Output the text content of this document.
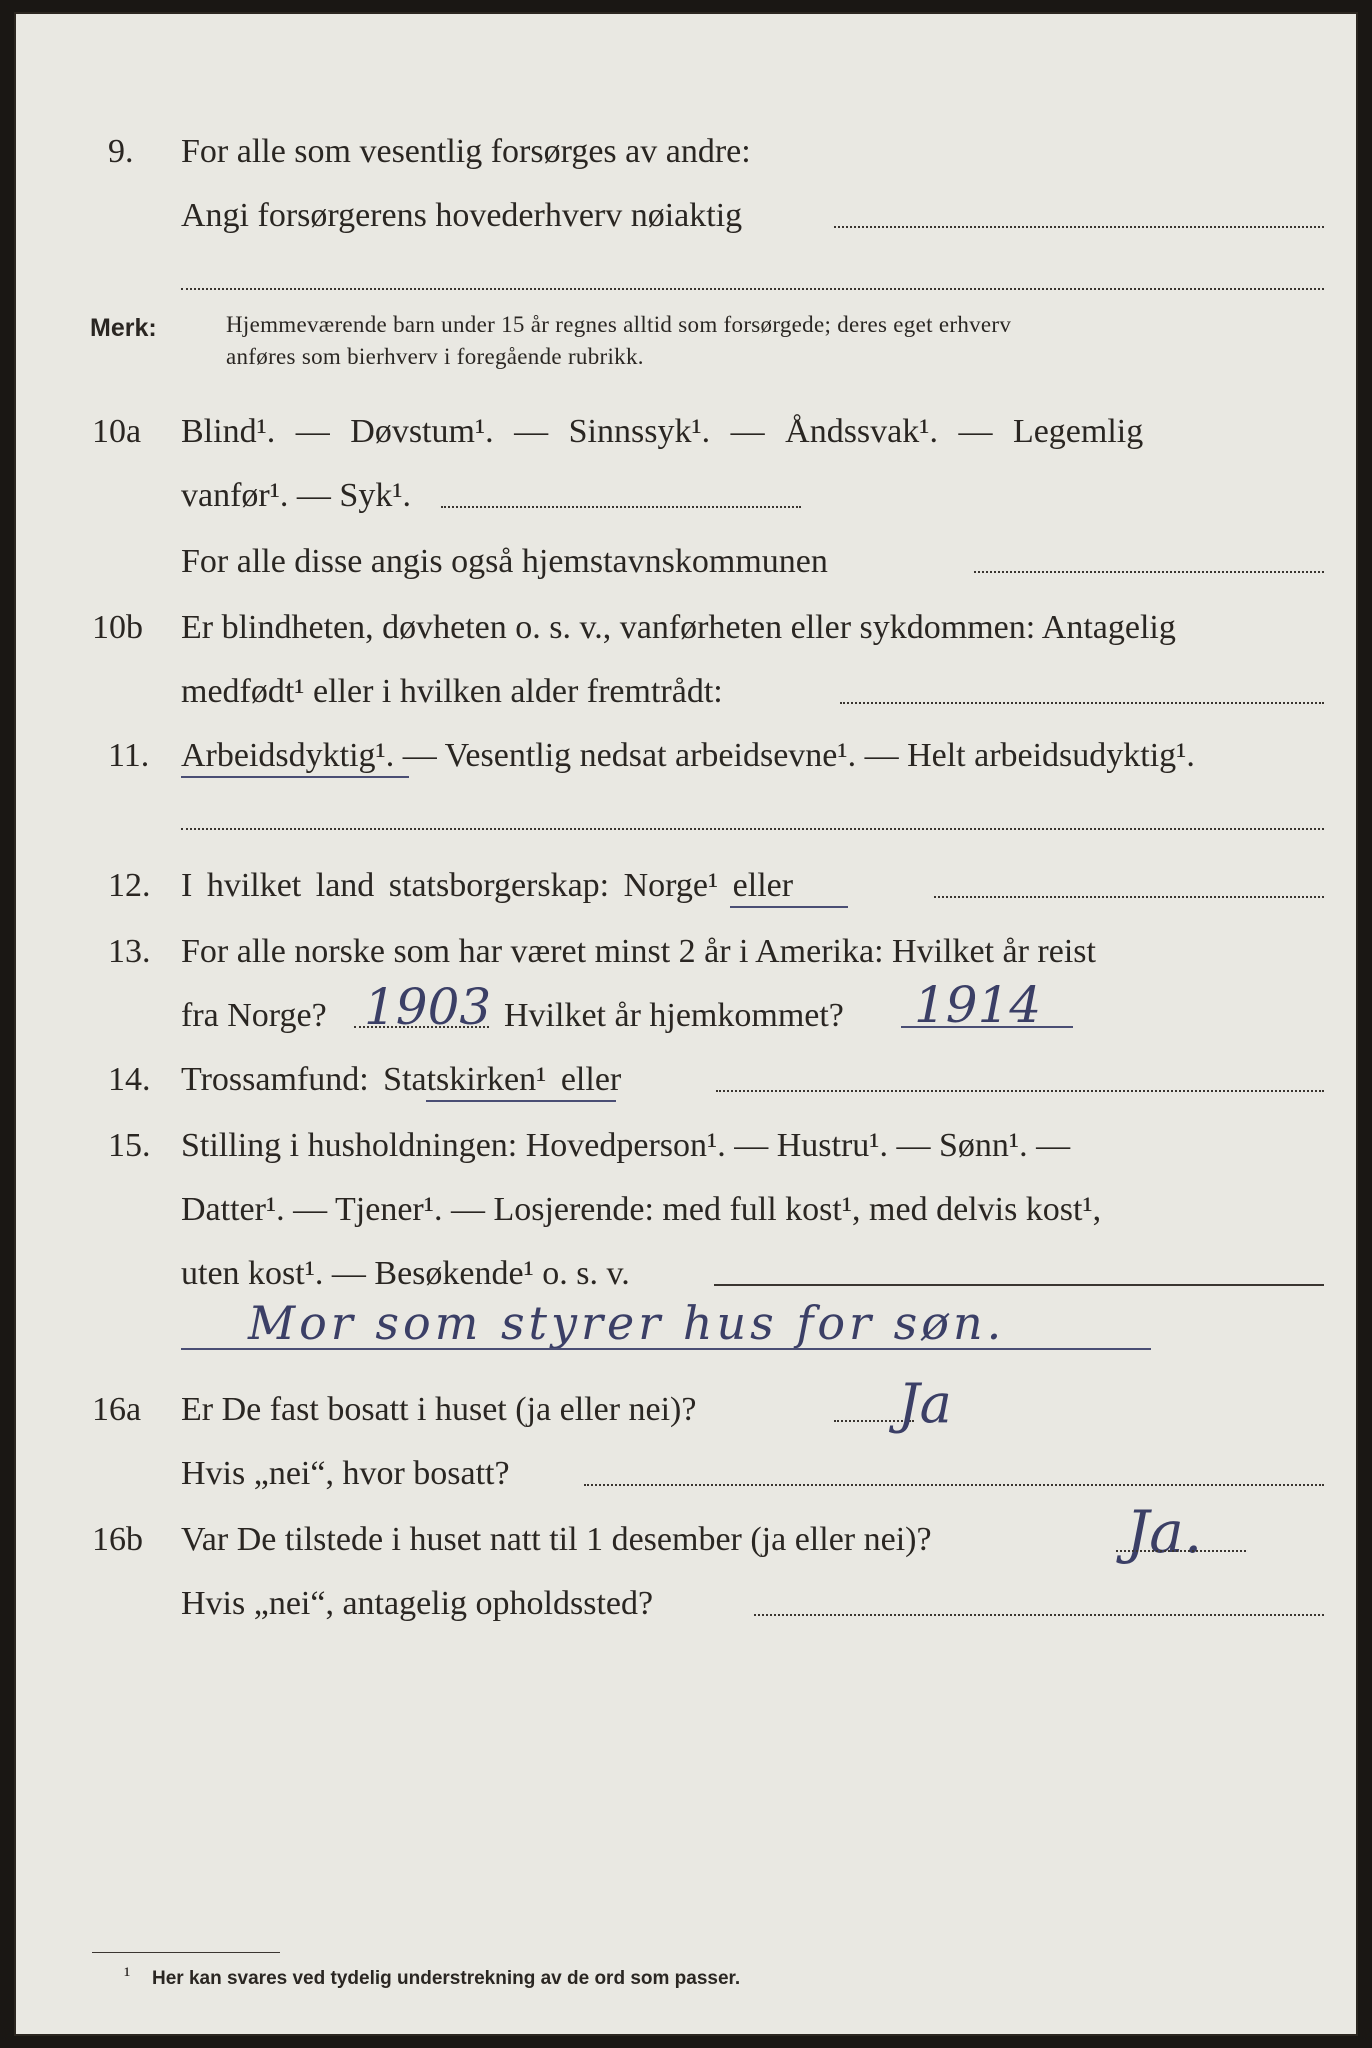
9. For alle som vesentlig forsørges av andre:
Angi forsørgerens hovederhverv nøiaktig
Merk:	Hjemmeværende barn under 15 år regnes alltid som forsørgede; deres eget erhverv
anføres som bierhverv i foregående rubrikk.
10a Blind¹. — Døvstum¹. — Sinnssyk¹. — Åndssvak¹. — Legemlig
vanfør¹. — Syk¹.
For alle disse angis også hjemstavnskommunen
10b Er blindheten, døvheten o. s. v., vanførheten eller sykdommen: Antagelig
medfødt¹ eller i hvilken alder fremtrådt:
11. Arbeidsdyktig¹. — Vesentlig nedsat arbeidsevne¹. — Helt arbeidsudyktig¹.
12. I hvilket land statsborgerskap: Norge¹ eller
13. For alle norske som har været minst 2 år i Amerika: Hvilket år reist
fra Norge? 1903 Hvilket år hjemkommet? 1914
14. Trossamfund: Statskirken¹ eller
15. Stilling i husholdningen: Hovedperson¹. — Hustru¹. — Sønn¹. —
Datter¹. — Tjener¹. — Losjerende: med full kost¹, med delvis kost¹,
uten kost¹. — Besøkende¹ o. s. v.
Mor som styrer hus for søn.
16a Er De fast bosatt i huset (ja eller nei)?	Ja
Hvis „nei“, hvor bosatt?
16b Var De tilstede i huset natt til 1 desember (ja eller nei)?	Ja.
Hvis „nei“, antagelig opholdssted?
¹ Her kan svares ved tydelig understrekning av de ord som passer.
